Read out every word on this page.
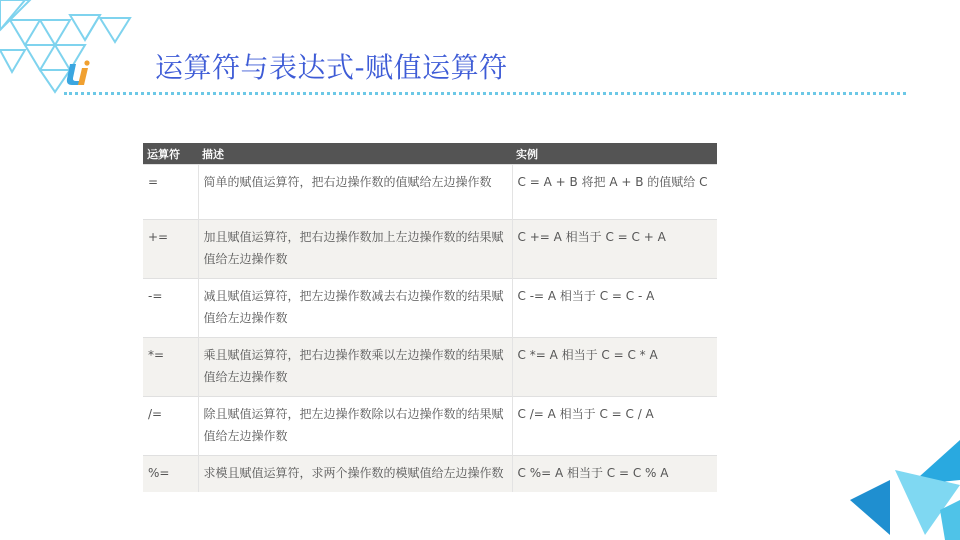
运算符与表达式-赋值运算符
运算符	描述	实例
=	简单的赋值运算符，把右边操作数的值赋给左边操作数	C = A + B 将把 A + B 的值赋给 C
+=	加且赋值运算符，把右边操作数加上左边操作数的结果赋值给左边操作数	C += A 相当于 C = C + A
-=	减且赋值运算符，把左边操作数减去右边操作数的结果赋值给左边操作数	C -= A 相当于 C = C - A
*=	乘且赋值运算符，把右边操作数乘以左边操作数的结果赋值给左边操作数	C *= A 相当于 C = C * A
/=	除且赋值运算符，把左边操作数除以右边操作数的结果赋值给左边操作数	C /= A 相当于 C = C / A
%=	求模且赋值运算符，求两个操作数的模赋值给左边操作数	C %= A 相当于 C = C % A
